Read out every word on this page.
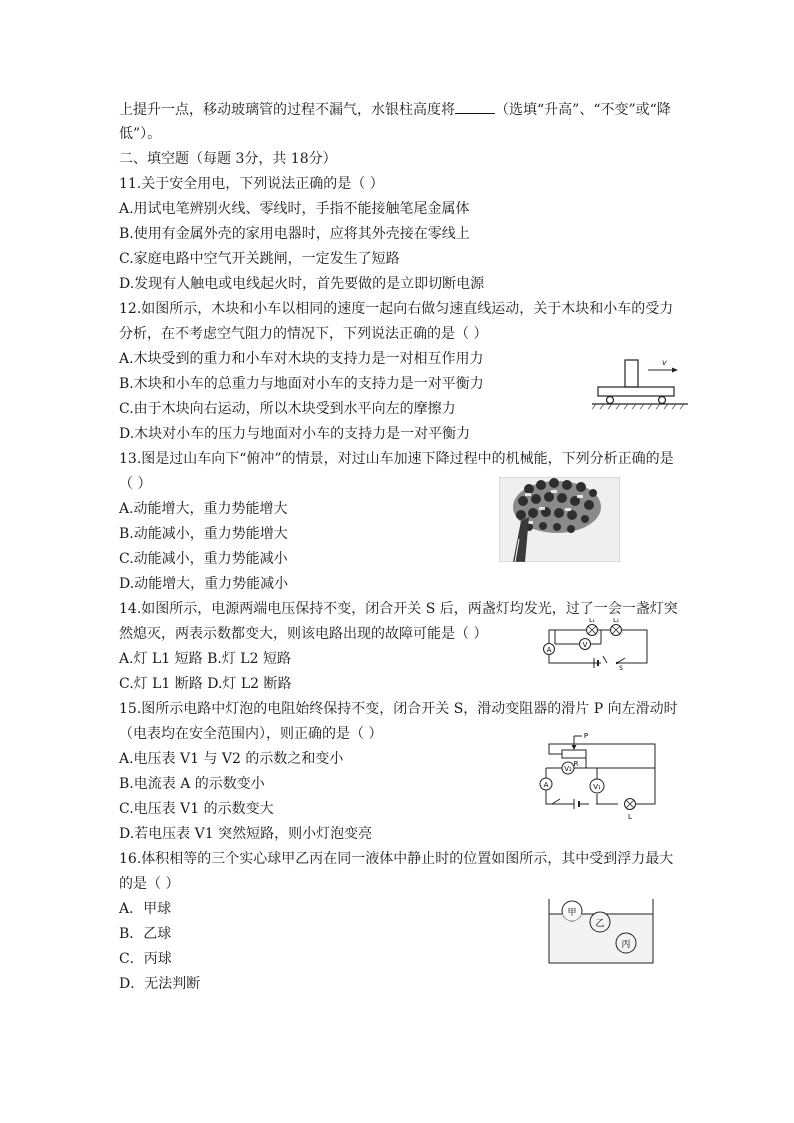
上提升一点，移动玻璃管的过程不漏气，水银柱高度将	（选填“升高”、“不变”或“降
低”）。
二、填空题（每题 3分，共 18分）
11.关于安全用电，下列说法正确的是（ ）
A.用试电笔辨别火线、零线时，手指不能接触笔尾金属体
B.使用有金属外壳的家用电器时，应将其外壳接在零线上
C.家庭电路中空气开关跳闸，一定发生了短路
D.发现有人触电或电线起火时，首先要做的是立即切断电源
12.如图所示，木块和小车以相同的速度一起向右做匀速直线运动，关于木块和小车的受力
分析，在不考虑空气阻力的情况下，下列说法正确的是（ ）
A.木块受到的重力和小车对木块的支持力是一对相互作用力
B.木块和小车的总重力与地面对小车的支持力是一对平衡力
C.由于木块向右运动，所以木块受到水平向左的摩擦力
D.木块对小车的压力与地面对小车的支持力是一对平衡力
v
13.图是过山车向下“俯冲”的情景，对过山车加速下降过程中的机械能，下列分析正确的是
（ ）
A.动能增大，重力势能增大
B.动能减小，重力势能增大
C.动能减小，重力势能减小
D.动能增大，重力势能减小
14.如图所示，电源两端电压保持不变，闭合开关 S 后，两盏灯均发光，过了一会一盏灯突
然熄灭，两表示数都变大，则该电路出现的故障可能是（ ）
A.灯 L1 短路 B.灯 L2 短路
C.灯 L1 断路 D.灯 L2 断路
A
V
L₁	L₂
S
15.图所示电路中灯泡的电阻始终保持不变，闭合开关 S，滑动变阻器的滑片 P 向左滑动时
（电表均在安全范围内），则正确的是（ ）
A.电压表 V1 与 V2 的示数之和变小
B.电流表 A 的示数变小
C.电压表 V1 的示数变大
D.若电压表 V1 突然短路，则小灯泡变亮
R
P
V₂
V₁
A
L
16.体积相等的三个实心球甲乙丙在同一液体中静止时的位置如图所示，其中受到浮力最大
的是（ ）
A．甲球
B．乙球
C．丙球
D．无法判断
甲
乙
丙
